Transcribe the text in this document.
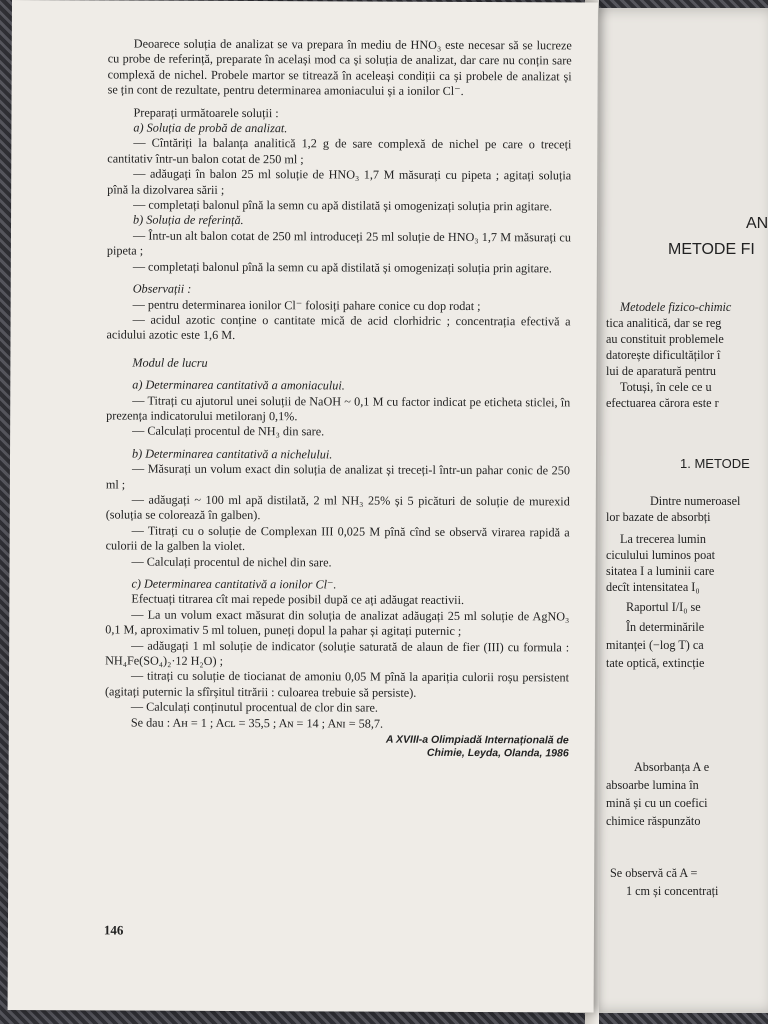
Deoarece soluția de analizat se va prepara în mediu de HNO₃ este necesar să se lucreze cu probe de referință, preparate în același mod ca și soluția de analizat, dar care nu conțin sare complexă de nichel. Probele martor se titrează în aceleași condiții ca și probele de analizat și se țin cont de rezultate, pentru determinarea amoniacului și a ionilor Cl⁻.

Preparați următoarele soluții :

a) Soluția de probă de analizat.

— Cîntăriți la balanța analitică 1,2 g de sare complexă de nichel pe care o treceți cantitativ într-un balon cotat de 250 ml ;

— adăugați în balon 25 ml soluție de HNO₃ 1,7 M măsurați cu pipeta ; agitați soluția pînă la dizolvarea sării ;

— completați balonul pînă la semn cu apă distilată și omogenizați soluția prin agitare.

b) Soluția de referință.

— Într-un alt balon cotat de 250 ml introduceți 25 ml soluție de HNO₃ 1,7 M măsurați cu pipeta ;

— completați balonul pînă la semn cu apă distilată și omogenizați soluția prin agitare.

Observații :

— pentru determinarea ionilor Cl⁻ folosiți pahare conice cu dop rodat ;

— acidul azotic conține o cantitate mică de acid clorhidric ; concentrația efectivă a acidului azotic este 1,6 M.

Modul de lucru

a) Determinarea cantitativă a amoniacului.

— Titrați cu ajutorul unei soluții de NaOH ~ 0,1 M cu factor indicat pe eticheta sticlei, în prezența indicatorului metiloranj 0,1%.

— Calculați procentul de NH₃ din sare.

b) Determinarea cantitativă a nichelului.

— Măsurați un volum exact din soluția de analizat și treceți-l într-un pahar conic de 250 ml ;

— adăugați ~ 100 ml apă distilată, 2 ml NH₃ 25% și 5 picături de soluție de murexid (soluția se colorează în galben).

— Titrați cu o soluție de Complexan III 0,025 M pînă cînd se observă virarea rapidă a culorii de la galben la violet.

— Calculați procentul de nichel din sare.

c) Determinarea cantitativă a ionilor Cl⁻.

Efectuați titrarea cît mai repede posibil după ce ați adăugat reactivii.

— La un volum exact măsurat din soluția de analizat adăugați 25 ml soluție de AgNO₃ 0,1 M, aproximativ 5 ml toluen, puneți dopul la pahar și agitați puternic ;

— adăugați 1 ml soluție de indicator (soluție saturată de alaun de fier (III) cu formula : NH₄Fe(SO₄)₂·12 H₂O) ;

— titrați cu soluție de tiocianat de amoniu 0,05 M pînă la apariția culorii roșu persistent (agitați puternic la sfîrșitul titrării : culoarea trebuie să persiste).

— Calculați conținutul procentual de clor din sare.

Se dau : Aʜ = 1 ; Aᴄʟ = 35,5 ; Aɴ = 14 ; Aɴɪ = 58,7.

A XVIII-a Olimpiadă Internațională de
Chimie, Leyda, Olanda, 1986
146
AN
METODE FI
Metodele fizico-chimic
tica analitică, dar se reg
au constituit problemele
datorește dificultăților î
lui de aparatură pentru
Totuși, în cele ce u
efectuarea cărora este r
1. METODE
Dintre numeroasel
lor bazate de absorbți
La trecerea lumin
ciculului luminos poat
sitatea I a luminii care
decît intensitatea I₀
Raportul I/I₀ se
În determinările
mitanței (−log T) ca
tate optică, extincție
Absorbanța A e
absoarbe lumina în
mină și cu un coefici
chimice răspunzăto
Se observă că A =
1 cm și concentrați
